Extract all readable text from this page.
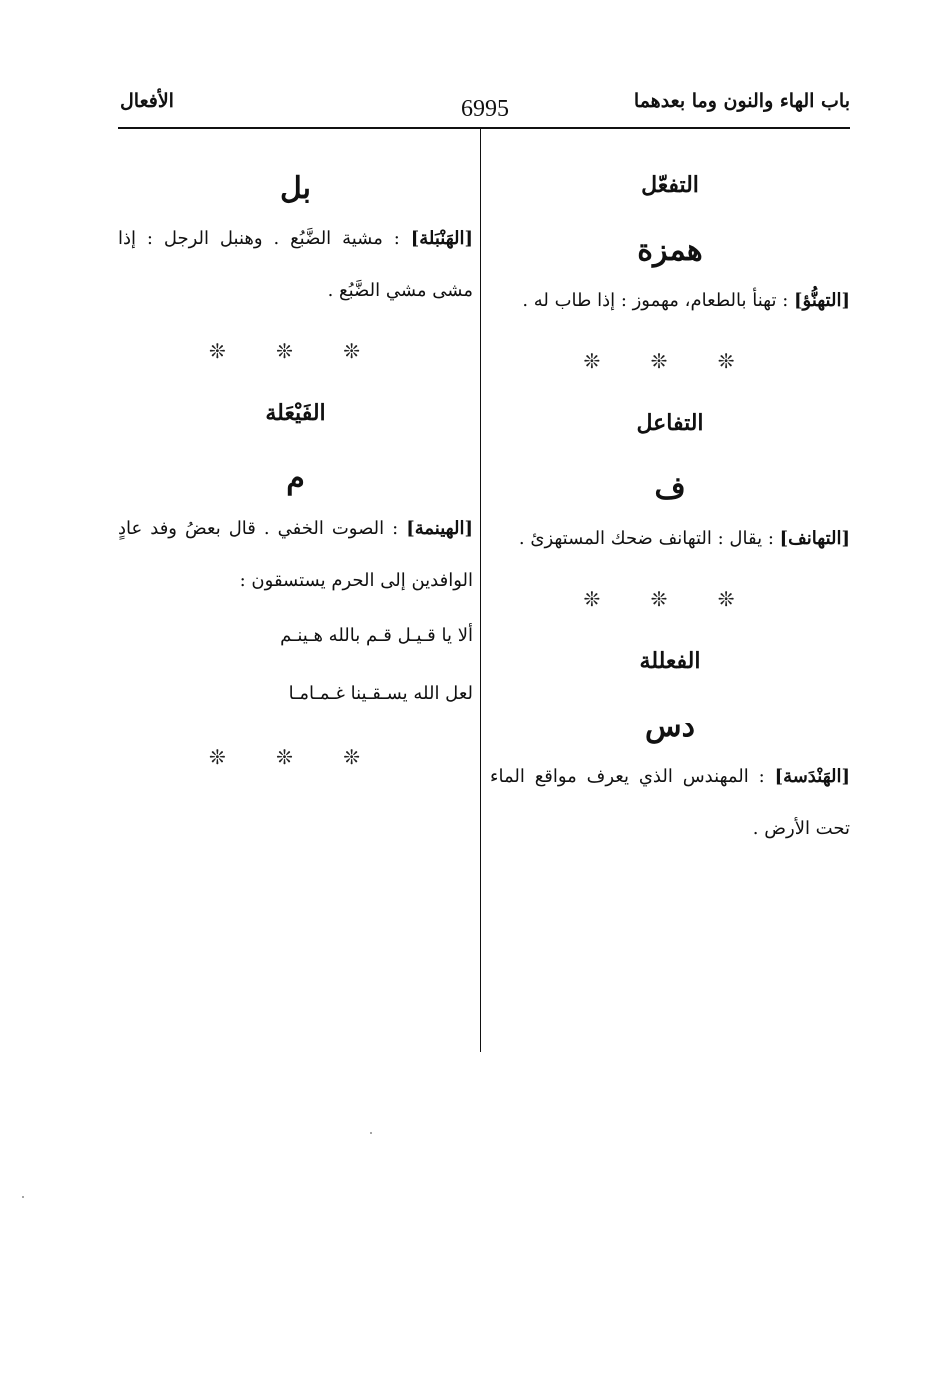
باب الهاء والنون وما بعدهما
6995
الأفعال
التفعّل
همزة

[التهنُّؤ] : تهنأ بالطعام، مهموز : إذا طاب له .

❊ ❊ ❊
التفاعل
ف

[التهانف] : يقال : التهانف ضحك المستهزئ .

❊ ❊ ❊
الفعللة
دس

[الهَنْدَسة] : المهندس الذي يعرف مواقع الماء تحت الأرض .

بل

[الهَنْبَلة] : مشية الضَّبُع . وهنبل الرجل : إذا مشى مشي الضَّبُع .

❊ ❊ ❊
الفَيْعَلة
م

[الهينمة] : الصوت الخفي . قال بعضُ وفد عادٍ الوافدين إلى الحرم يستسقون :

ألا يا قـيـل قـم بالله هـينـم

لعل الله يسـقـينا غـمـامـا

❊ ❊ ❊
